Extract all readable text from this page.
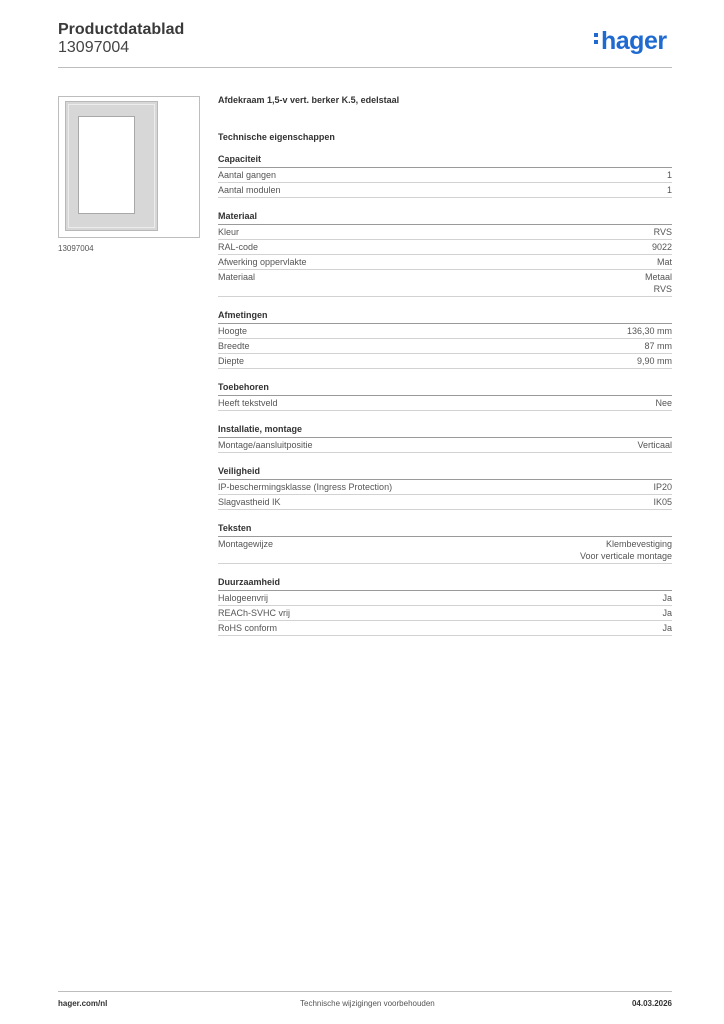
Productdatablad
13097004	hager
13097004
Afdekraam 1,5-v vert. berker K.5, edelstaal
Technische eigenschappen
Capaciteit
Aantal gangen	1
Aantal modulen	1
Materiaal
Kleur	RVS
RAL-code	9022
Afwerking oppervlakte	Mat
Materiaal	Metaal
RVS
Afmetingen
Hoogte	136,30 mm
Breedte	87 mm
Diepte	9,90 mm
Toebehoren
Heeft tekstveld	Nee
Installatie, montage
Montage/aansluitpositie	Verticaal
Veiligheid
IP-beschermingsklasse (Ingress Protection)	IP20
Slagvastheid IK	IK05
Teksten
Montagewijze	Klembevestiging
Voor verticale montage
Duurzaamheid
Halogeenvrij	Ja
REACh-SVHC vrij	Ja
RoHS conform	Ja
hager.com/nl	Technische wijzigingen voorbehouden	04.03.2026
